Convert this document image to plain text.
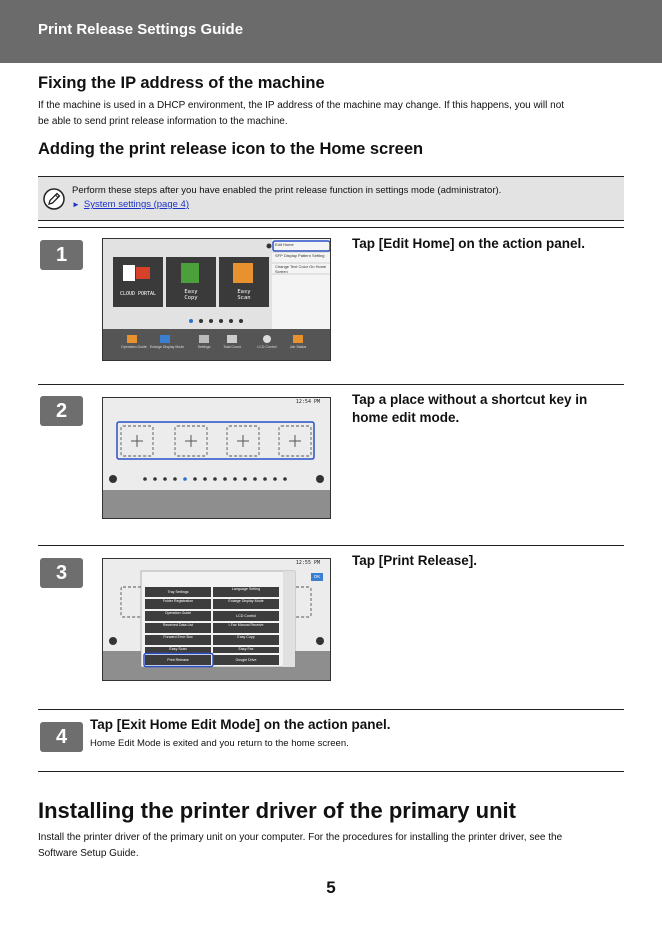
Print Release Settings Guide
Fixing the IP address of the machine
If the machine is used in a DHCP environment, the IP address of the machine may change. If this happens, you will not
be able to send print release information to the machine.
Adding the print release icon to the Home screen
Perform these steps after you have enabled the print release function in settings mode (administrator).
► System settings (page 4)
1
Tap [Edit Home] on the action panel.
CLOUD PORTAL	Easy
Copy
Easy
Scan
Edit Home
SFP Display Pattern Setting
Change Text Color On Home Screen
Operation Guide Enlarge Display Mode	Settings	Total Count	LCD Control	Job Status
2
Tap a place without a shortcut key in
home edit mode.
12:54 PM
3
Tap [Print Release].
12:55 PM
OK
Tray Settings
Folder Registration
Operation Guide
Received Data List
Forward Error Box
Easy Scan
Print Release
Language Setting
Enlarge Display Mode
LCD Control
I-Fax Manual Receive
Easy Copy
Easy Fax
Google Drive
4
Tap [Exit Home Edit Mode] on the action panel.
Home Edit Mode is exited and you return to the home screen.
Installing the printer driver of the primary unit
Install the printer driver of the primary unit on your computer. For the procedures for installing the printer driver, see the
Software Setup Guide.
5
